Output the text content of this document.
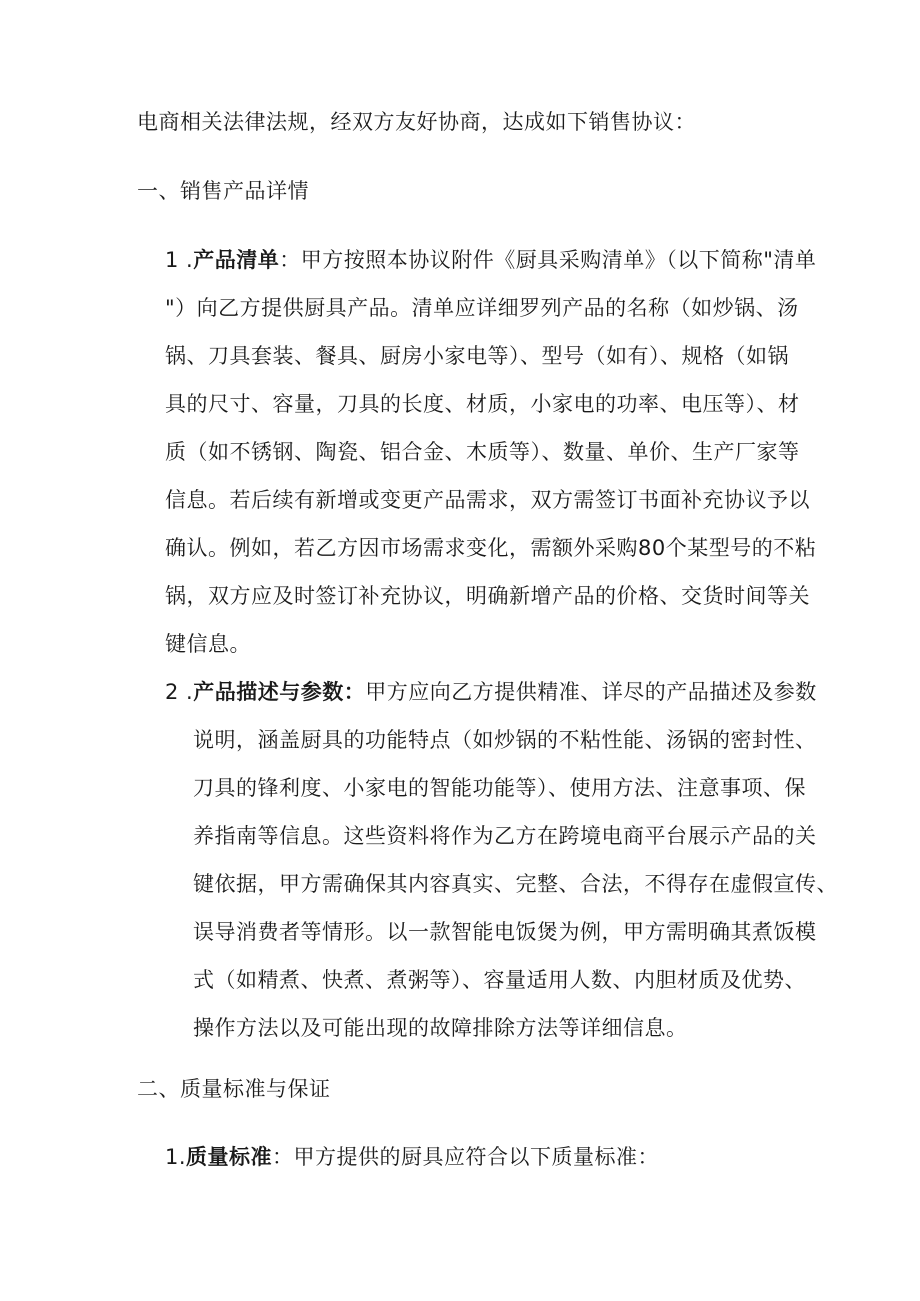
电商相关法律法规，经双方友好协商，达成如下销售协议：
一、销售产品详情
1 .产品清单：甲方按照本协议附件《厨具采购清单》（以下简称"清单
"）向乙方提供厨具产品。清单应详细罗列产品的名称（如炒锅、汤
锅、刀具套装、餐具、厨房小家电等）、型号（如有）、规格（如锅
具的尺寸、容量，刀具的长度、材质，小家电的功率、电压等）、材
质（如不锈钢、陶瓷、铝合金、木质等）、数量、单价、生产厂家等
信息。若后续有新增或变更产品需求，双方需签订书面补充协议予以
确认。例如，若乙方因市场需求变化，需额外采购80个某型号的不粘
锅，双方应及时签订补充协议，明确新增产品的价格、交货时间等关
键信息。
2 .产品描述与参数：甲方应向乙方提供精准、详尽的产品描述及参数
说明，涵盖厨具的功能特点（如炒锅的不粘性能、汤锅的密封性、
刀具的锋利度、小家电的智能功能等）、使用方法、注意事项、保
养指南等信息。这些资料将作为乙方在跨境电商平台展示产品的关
键依据，甲方需确保其内容真实、完整、合法，不得存在虚假宣传、
误导消费者等情形。以一款智能电饭煲为例，甲方需明确其煮饭模
式（如精煮、快煮、煮粥等）、容量适用人数、内胆材质及优势、
操作方法以及可能出现的故障排除方法等详细信息。
二、质量标准与保证
1.质量标准：甲方提供的厨具应符合以下质量标准：
